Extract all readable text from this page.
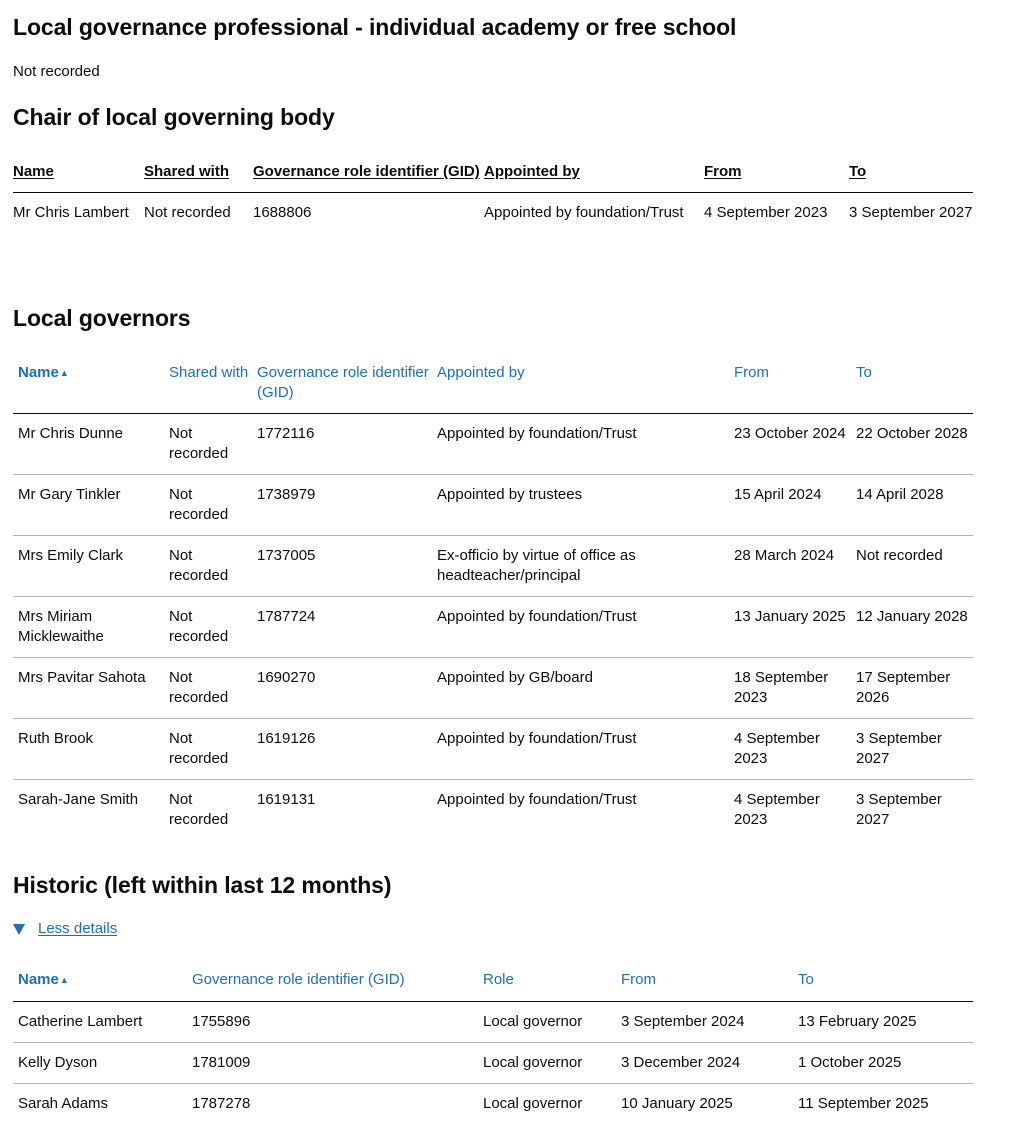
Local governance professional - individual academy or free school
Not recorded
Chair of local governing body
Name	Shared with	Governance role identifier (GID)	Appointed by	From	To
Mr Chris Lambert	Not recorded	1688806	Appointed by foundation/Trust	4 September 2023	3 September 2027
Local governors
Name▲	Shared with	Governance role identifier (GID)	Appointed by	From	To
Mr Chris Dunne	Not recorded	1772116	Appointed by foundation/Trust	23 October 2024	22 October 2028
Mr Gary Tinkler	Not recorded	1738979	Appointed by trustees	15 April 2024	14 April 2028
Mrs Emily Clark	Not recorded	1737005	Ex-officio by virtue of office as headteacher/principal	28 March 2024	Not recorded
Mrs Miriam Micklewaithe	Not recorded	1787724	Appointed by foundation/Trust	13 January 2025	12 January 2028
Mrs Pavitar Sahota	Not recorded	1690270	Appointed by GB/board	18 September 2023	17 September 2026
Ruth Brook	Not recorded	1619126	Appointed by foundation/Trust	4 September 2023	3 September 2027
Sarah-Jane Smith	Not recorded	1619131	Appointed by foundation/Trust	4 September 2023	3 September 2027
Historic (left within last 12 months)
Less details
Name▲	Governance role identifier (GID)	Role	From	To
Catherine Lambert	1755896	Local governor	3 September 2024	13 February 2025
Kelly Dyson	1781009	Local governor	3 December 2024	1 October 2025
Sarah Adams	1787278	Local governor	10 January 2025	11 September 2025
